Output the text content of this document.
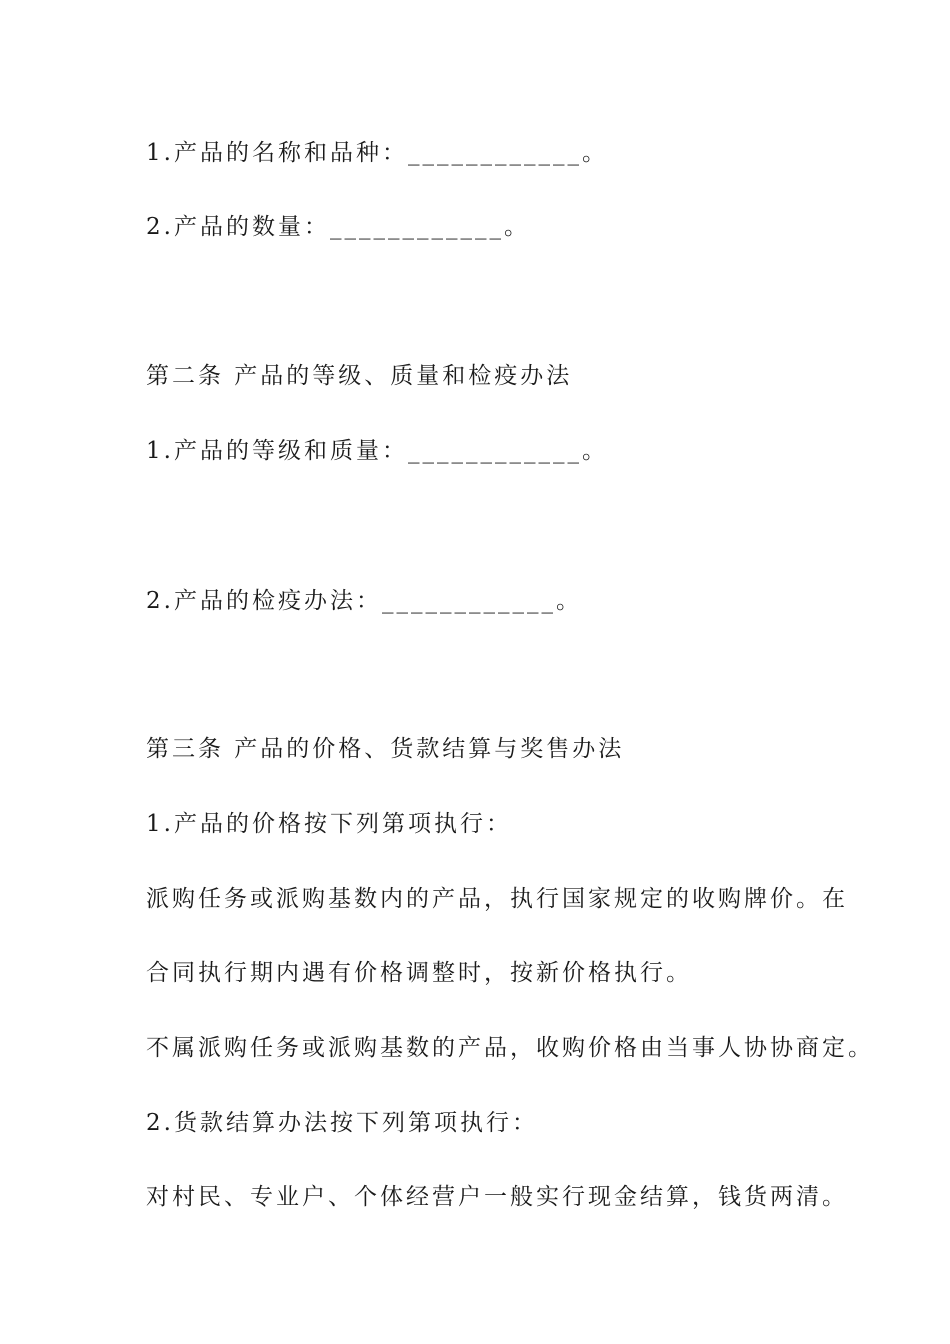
1.产品的名称和品种：____________。
2.产品的数量：____________。
第二条 产品的等级、质量和检疫办法
1.产品的等级和质量：____________。
2.产品的检疫办法：____________。
第三条 产品的价格、货款结算与奖售办法
1.产品的价格按下列第项执行：
派购任务或派购基数内的产品，执行国家规定的收购牌价。在
合同执行期内遇有价格调整时，按新价格执行。
不属派购任务或派购基数的产品，收购价格由当事人协协商定。
2.货款结算办法按下列第项执行：
对村民、专业户、个体经营户一般实行现金结算，钱货两清。
